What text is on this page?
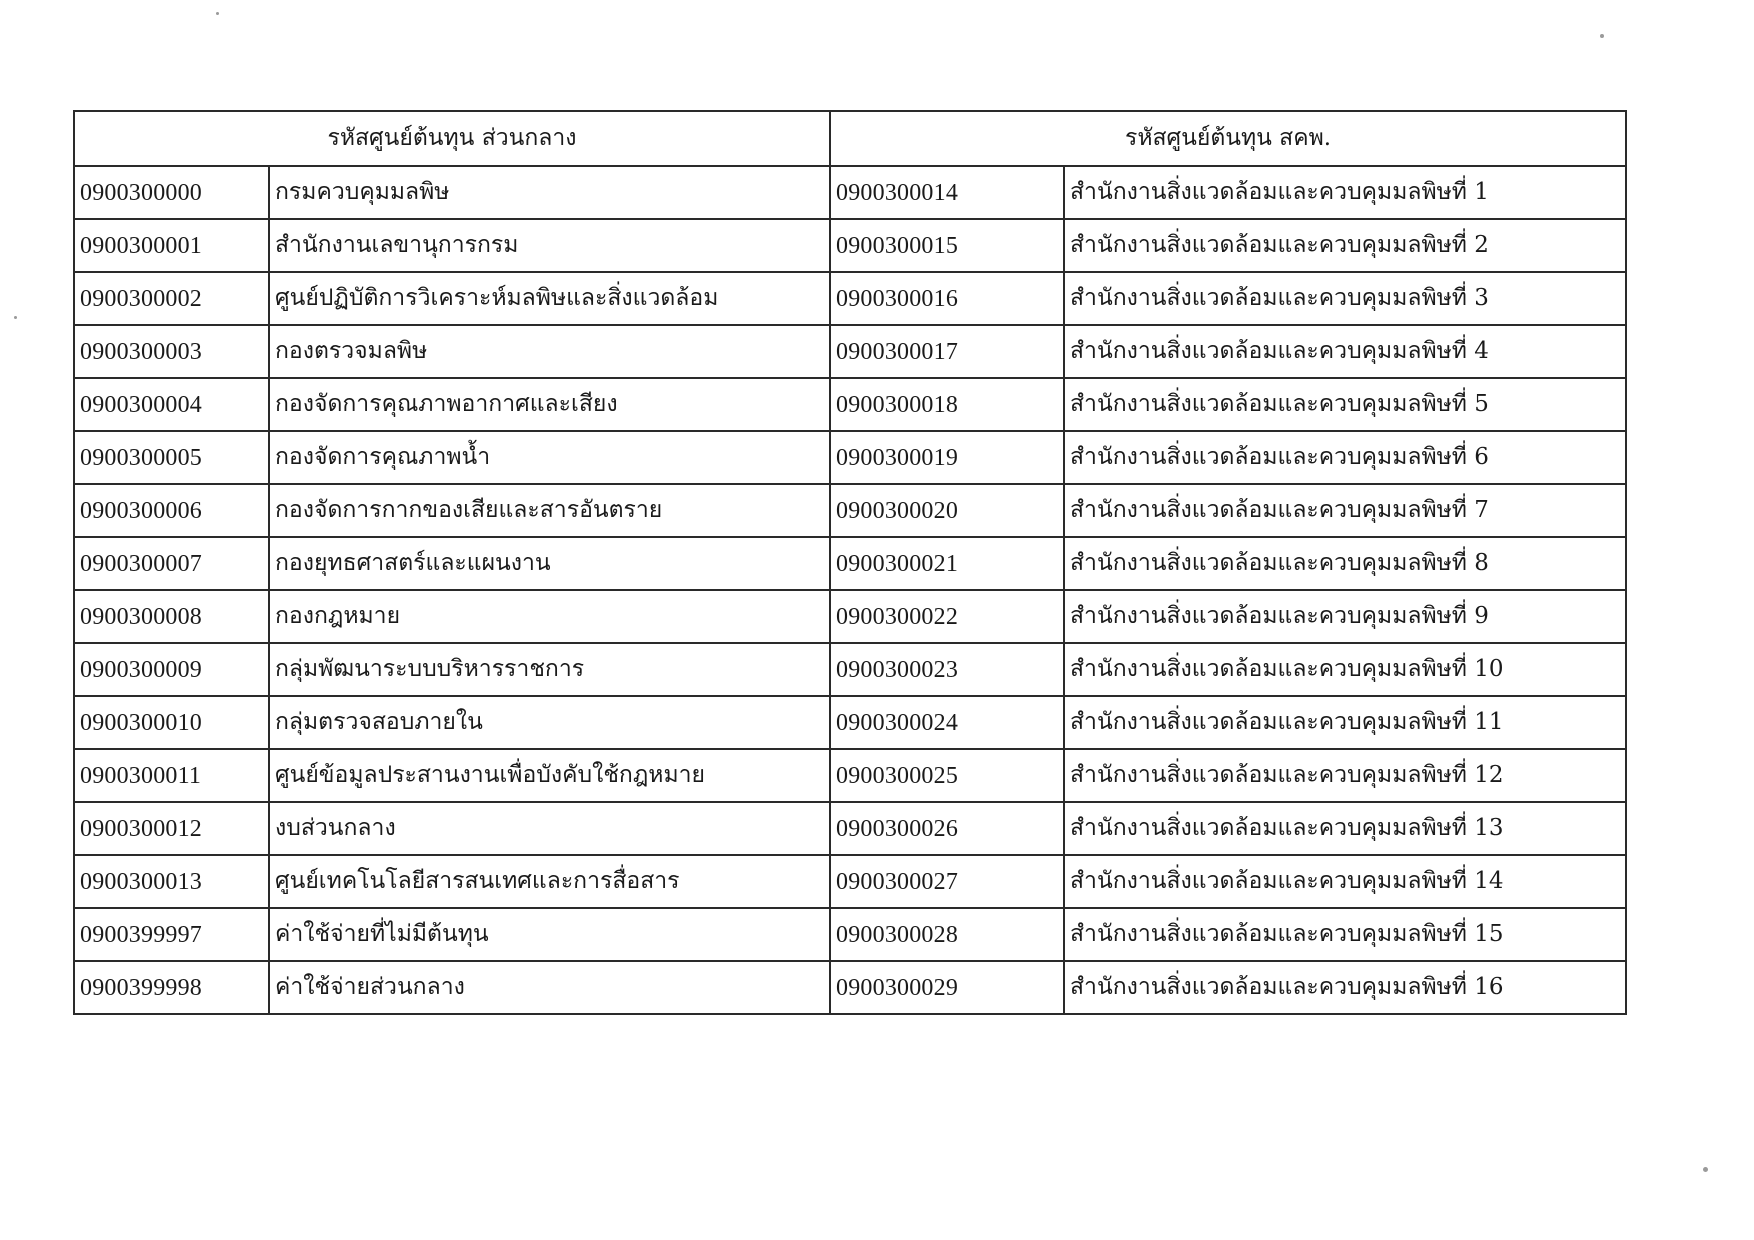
รหัสศูนย์ต้นทุน ส่วนกลาง		รหัสศูนย์ต้นทุน สคพ.	
0900300000	กรมควบคุมมลพิษ	0900300014	สำนักงานสิ่งแวดล้อมและควบคุมมลพิษที่ 1
0900300001	สำนักงานเลขานุการกรม	0900300015	สำนักงานสิ่งแวดล้อมและควบคุมมลพิษที่ 2
0900300002	ศูนย์ปฏิบัติการวิเคราะห์มลพิษและสิ่งแวดล้อม	0900300016	สำนักงานสิ่งแวดล้อมและควบคุมมลพิษที่ 3
0900300003	กองตรวจมลพิษ	0900300017	สำนักงานสิ่งแวดล้อมและควบคุมมลพิษที่ 4
0900300004	กองจัดการคุณภาพอากาศและเสียง	0900300018	สำนักงานสิ่งแวดล้อมและควบคุมมลพิษที่ 5
0900300005	กองจัดการคุณภาพน้ำ	0900300019	สำนักงานสิ่งแวดล้อมและควบคุมมลพิษที่ 6
0900300006	กองจัดการกากของเสียและสารอันตราย	0900300020	สำนักงานสิ่งแวดล้อมและควบคุมมลพิษที่ 7
0900300007	กองยุทธศาสตร์และแผนงาน	0900300021	สำนักงานสิ่งแวดล้อมและควบคุมมลพิษที่ 8
0900300008	กองกฎหมาย	0900300022	สำนักงานสิ่งแวดล้อมและควบคุมมลพิษที่ 9
0900300009	กลุ่มพัฒนาระบบบริหารราชการ	0900300023	สำนักงานสิ่งแวดล้อมและควบคุมมลพิษที่ 10
0900300010	กลุ่มตรวจสอบภายใน	0900300024	สำนักงานสิ่งแวดล้อมและควบคุมมลพิษที่ 11
0900300011	ศูนย์ข้อมูลประสานงานเพื่อบังคับใช้กฎหมาย	0900300025	สำนักงานสิ่งแวดล้อมและควบคุมมลพิษที่ 12
0900300012	งบส่วนกลาง	0900300026	สำนักงานสิ่งแวดล้อมและควบคุมมลพิษที่ 13
0900300013	ศูนย์เทคโนโลยีสารสนเทศและการสื่อสาร	0900300027	สำนักงานสิ่งแวดล้อมและควบคุมมลพิษที่ 14
0900399997	ค่าใช้จ่ายที่ไม่มีต้นทุน	0900300028	สำนักงานสิ่งแวดล้อมและควบคุมมลพิษที่ 15
0900399998	ค่าใช้จ่ายส่วนกลาง	0900300029	สำนักงานสิ่งแวดล้อมและควบคุมมลพิษที่ 16
